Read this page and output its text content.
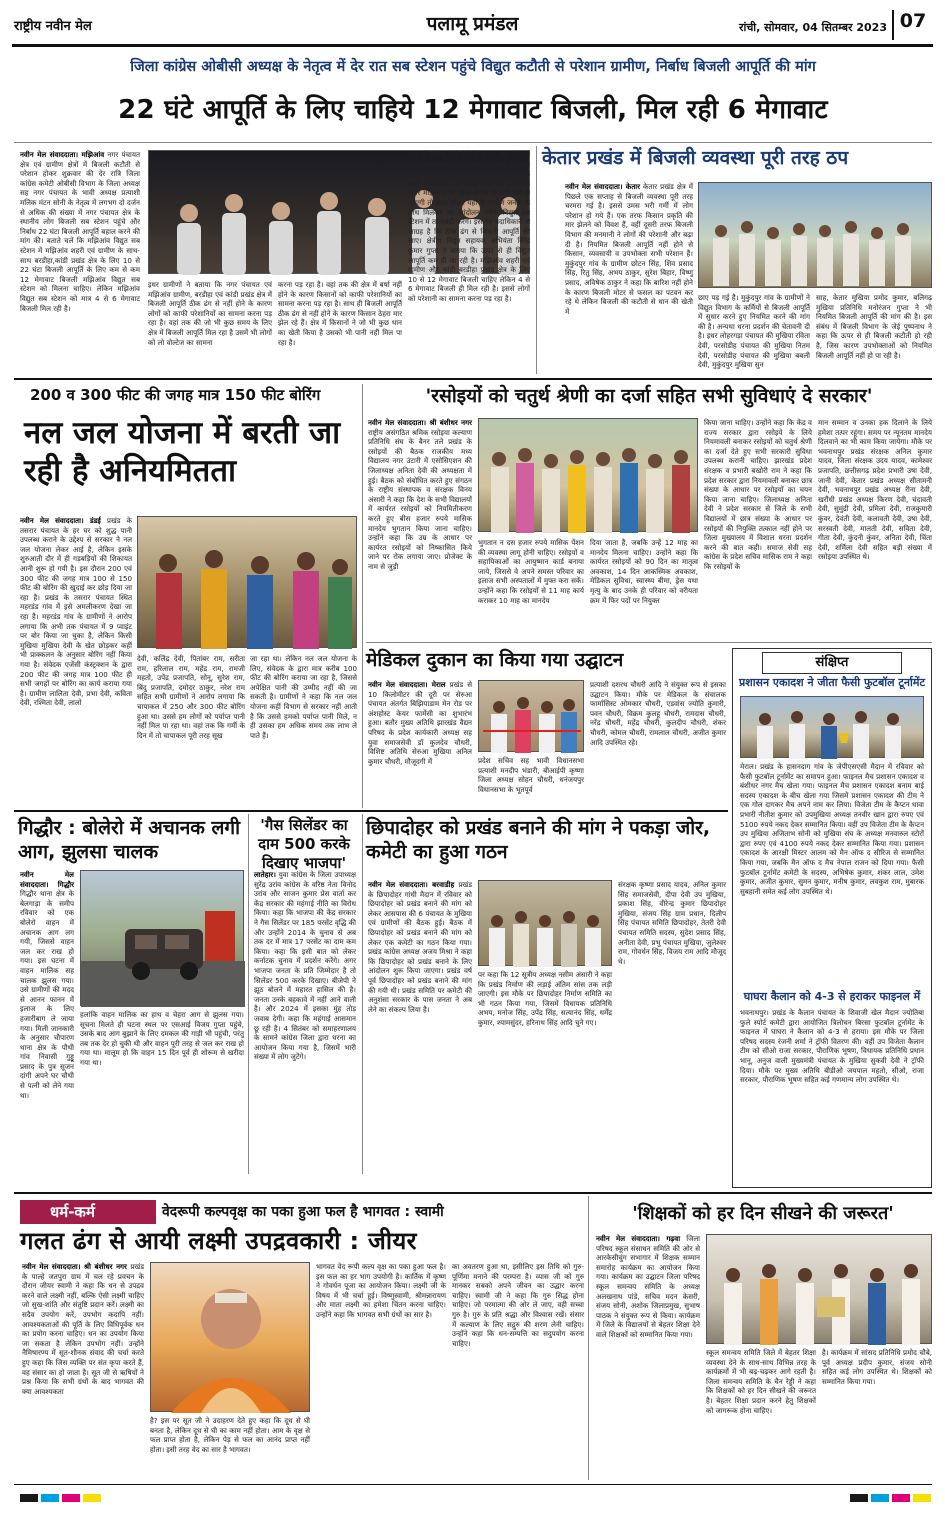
राष्ट्रीय नवीन मेल	पलामू प्रमंडल	रांची, सोमवार, 04 सितम्बर 2023 07
जिला कांग्रेस ओबीसी अध्यक्ष के नेतृत्व में देर रात सब स्टेशन पहुंचे विद्युत कटौती से परेशान ग्रामीण, निर्बाध बिजली आपूर्ति की मांग
22 घंटे आपूर्ति के लिए चाहिये 12 मेगावाट बिजली, मिल रही 6 मेगावाट
नवीन मेल संवाददाता। मझिआंव नगर पंचायत क्षेत्र एवं ग्रामीण क्षेत्रों में बिजली कटौती से परेशान होकर शुक्रवार की देर रात्रि जिला कांग्रेस कमेटी ओबीसी विभाग के जिला अध्यक्ष सह नगर पंचायत के भावी अध्यक्ष प्रत्याशी मलिक मंटन सोनी के नेतृत्व में लगभग दो दर्जन से अधिक की संख्या में नगर पंचायत क्षेत्र के स्थानीय लोग बिजली सब स्टेशन पहुंचे और निर्बाध 22 घंटा बिजली आपूर्ति बहाल करने की मांग की। बताते चलें कि मझिआंव विद्युत सब स्टेशन में मझिआंव शहरी एवं ग्रामीण के साथ-साथ बरडीहा,कांडी प्रखंड क्षेत्र के लिए 10 से 22 घंटा बिजली आपूर्ति के लिए कम से कम 12 मेगावाट बिजली मझिआंव विद्युत सब स्टेशन को मिलना चाहिए। लेकिन मझिआंव विद्युत सब स्टेशन को मात्र 4 से 6 मेगावाट बिजली मिल रही है।
इधर ग्रामीणों ने बताया कि नगर पंचायत एवं मझिआंव ग्रामीण, बरडीहा एवं कांडी प्रखंड क्षेत्र में बिजली आपूर्ति ठीक ढंग से नहीं होने के कारण लोगों को काफी परेशानियों का सामना करना पड़ रहा है। वहां तक की जो भी कुछ समय के लिए क्षेत्र में बिजली आपूर्ति मिल रहा है उसमें भी लोगों को लो वोल्टेज का सामना
करना पड़ रहा है। वहां तक की क्षेत्र में बर्षा नहीं होने के कारण किसानों को काफी परेशानियों का सामना करना पड़ रहा है। साथ ही बिजली आपूर्ति ठीक ढंग से नहीं होने के कारण किसान ठेहरा मार झेल रहे हैं। क्षेत्र में किसानों ने जो भी कुछ धान का खेती किया है उसको भी पानी नहीं मिल पा रहा है।
साथ ही भीषण गर्मी होने के कारण नगर पंचायत क्षेत्र एवं ग्रामीण क्षेत्र के लोगों को गर्मी से जीना मुहाल हो गया है। सोनी ने बिजली विभाग के सभी पदाधिकारी से आग्रह करते हुए कहा कि अगर मझिआंव को ठीक ढंग से बिजली नहीं दी जाएगी तो बाध्य होकर यहां के ग्रामीण जनता के साथ मिलकर उग्र आंदोलन करेंगे। विद्युत सब स्टेशन में तालाबंदी करेंगे। इसलिए पदाधिकारी से आग्रह है कि ठीक ढंग से बिजली आपूर्ति की जाए। क्षेत्रीय विद्युत सहायक अभियंता बिरेंद्र कुमार गुप्ता ने बताया कि ऊपर से ही विद्युत आपूर्ति कम दी जा रही है। मझिआंव शहरी एवं ग्रामीण और कांडी बरडीहा प्रखंड क्षेत्र के लिए 10 से 12 मेगावाट बिजली चाहिए लेकिन 4 से 6 मेगावाट बिजली ही मिल रही है। इससे लोगों को परेशानी का सामना करना पड़ रहा है।
केतार प्रखंड में बिजली व्यवस्था पूरी तरह ठप
नवीन मेल संवाददाता। केतार केतार प्रखंड क्षेत्र में पिछले एक सप्ताह से बिजली व्यवस्था पूरी तरह चरमरा गई है। इससे उमस भरी गर्मी में लोग परेशान हो गये हैं। एक तरफ किसान प्रकृति की मार झेलने को विवश हैं, वहीं दूसरी तरफ बिजली विभाग की मनमानी ने लोगों की परेशानी और बढ़ा दी है। नियमित बिजली आपूर्ति नहीं होने से किसान, व्यवसायी व उपभोक्ता सभी परेशान हैं। मुकुंदपुर गांव के ग्रामीण छोटन सिंह, शिव प्रसाद सिंह, रितु सिंह, अभय ठाकुर, सुरेश बिहार, विष्णु प्रसाद, अविषेक ठाकुर ने कहा कि बारिश नहीं होने के कारण बिजली मोटर से फसल का पटवन कर रहे थे लेकिन बिजली की कटौती से धान की खेती में
छाए पड़ गई है। मुकुंदपुर गांव के ग्रामीणों ने विद्युत विभाग के कर्मियों से बिजली आपूर्ति में सुधार करने हुए नियमित करने की मांग की है। अन्यथा धरना प्रदर्शन की चेतावनी दी है। इधर लोहरगड़ा पंचायत की मुखिया रविता देवी, परसोडीह पंचायत की मुखिया नितम देवी, परसोडीह पंचायत की मुखिया बबली देवी, मुकुंदपुर मुखिया सुन
साह, केतार मुखिया प्रमोद कुमार, बलिगढ़ मुखिया प्रतिनिधि मनोरंजन गुप्ता ने भी नियमित बिजली आपूर्ति की मांग की है। इस संबंध में बिजली विभाग के जेई पुष्पनाथ ने कहा कि ऊपर से ही बिजली कटौती हो रही है, जिस कारण उपभोक्ताओं को नियमित बिजली आपूर्ति नहीं हो पा रही है।
200 व 300 फीट की जगह मात्र 150 फीट बोरिंग
नल जल योजना में बरती जा रही है अनियमितता
नवीन मेल संवाददाता। डंडई प्रखंड के तसरार पंचायत के हर घर को शुद्ध पानी उपलब्ध कराने के उद्देश्य से सरकार ने नल जल योजना लेकर आई है, लेकिन इसके शुरुआती दौर में ही गड़बड़ियों की शिकायत आनी शुरू हो गयी है। इस दौरान 200 एवं 300 फीट की जगह मात्र 100 से 150 फीट की बोरिंग की खुदाई कर छोड़ दिया जा रहा है। प्रखंड के तसरार पंचायत स्थित महरडंड गांव में इसे अमलीकरण देखा जा रहा है। महरडंड गांव के ग्रामीणों ने आरोप लगाया कि अभी तक पंचायत में 9 प्वाइंट पर बोर किया जा चुका है, लेकिन किसी मुखिया मुखिया देवी के खेत छोड़कर कहीं भी प्राक्कलन के अनुसार बोरिंग नहीं किया गया है। संवेदक एजेंसी कंस्ट्रक्शन के द्वारा 200 फीट की जगह मात्र 100 फीट ही सभी जगहों पर बोरिंग का कार्य कराया गया है। ग्रामीण लालिता देवी, प्रभा देवी, कविता देवी, रश्मिता देवी, लालो
देवी, कलिंद्र देवी, पितांबर राम, सरीता राम, हरिलाल राम, महेंद्र राम, रामजी महतो, उपेंद्र प्रजापति, सोनू, सुरेश राम, बिंदु प्रजापति, दमोदर ठाकुर, नरेश राम सहित सभी ग्रामीणों ने आरोप लगाया कि चापाकल में 250 और 300 फीट बोरिंग हुआ था। उससे हम लोगों को पर्याप्त पानी नहीं मिल पा रहा था। वहां तक कि गर्मी के दिन में तो चापाकल पूरी तरह सूख
जा रहा था। लेकिन नल जल योजना के लिए, संवेदक के द्वारा मात्र करीब 100 फीट की बोरिंग कराया जा रहा है, जिससे अपेक्षित पानी की उम्मीद नहीं की जा सकती है। ग्रामीणों ने कहा कि नल जल योजना कहीं विभाग से सरकार नहीं आती है कि उससे हमको पर्याप्त पानी मिले, न ही उसका हम अधिक समय तक लाभ ले पाते हैं।
'रसोइयों को चतुर्थ श्रेणी का दर्जा सहित सभी सुविधाएं दे सरकार'
नवीन मेल संवाददाता। श्री बंशीधर नगर राष्ट्रीय असंगठित श्रमिक रसोइया कल्याण प्रतिनिधि संघ के बैनर तले प्रखंड के रसोइयों की बैठक राजकीय मध्य विद्यालय नगर उंटारी में एसोसिएशन की जिलाध्यक्ष अनिता देवी की अध्यक्षता में हुई। बैठक को संबोधित करते हुए संगठन के राष्ट्रीय संस्थापक व संरक्षक विनय अंसारी ने कहा कि देश के सभी विद्यालयों में कार्यरत रसोइयों को नियमितीकरण करते हुए बीस हजार रुपये मासिक मानदेय भुगतान किया जाना चाहिए। उन्होंने कहा कि उम्र के आधार पर कार्यरत रसोइयों को निष्कासित किये जाने पर रोक लगाया जाए। प्रोजेक्ट के नाम से जुड़ी
भुगतान न दस हजार रुपये मासिक पेंशन की व्यवस्था लागू होनी चाहिए। रसोइयों व सहायिकाओं का आयुष्मान कार्ड बनाया जाये, जिससे वे अपने समस्त परिवार का इलाज सभी अस्पतालों में मुफ्त करा सकें। उन्होंने कहा कि रसोइयों से 11 माह कार्य कराकर 10 माह का मानदेय
दिया जाता है, जबकि उन्हें 12 माह का मानदेय मिलना चाहिए। उन्होंने कहा कि कार्यरत रसोइयों को 90 दिन का मातृत्व अवकाश, 14 दिन आकस्मिक अवकाश, मेडिकल सुविधा, स्वास्थ्य बीमा, ड्रेस यथा मृत्यु के बाद उनके ही परिवार को वरीयता क्रम में फिर पदों पर नियुक्त
किया जाना चाहिए। उन्होंने कहा कि केंद्र व राज्य सरकार द्वारा रसोइये के लिये नियमावली बनाकर रसोइयों को चतुर्थ श्रेणी का दर्जा देते हुए सभी सरकारी सुविधा उपलब्ध करानी चाहिए। झारखंड प्रदेश संरक्षक व प्रभारी बखोरी राम ने कहा कि प्रदेश सरकार द्वारा नियमावली बनाकर छात्र संख्या के आधार पर रसोइयों का चयन किया जाना चाहिए। जिलाध्यक्ष अनिता देवी ने प्रदेश सरकार से जिले के सभी विद्यालयों में छात्र संख्या के आधार पर रसोइयों की नियुक्ति तत्काल नहीं होने पर जिला मुख्यालय में विशाल धरना प्रदर्शन करने की बात कही। समाज सेवी सह कांग्रेस के प्रदेश सचिव मासिक राम ने कहा कि रसोइयों के
मान सम्मान व उनका हक दिलाने के लिये हमेशा तत्पर रहूंगा। समय पर न्यूनतम मानदेय दिलवाने का भी काम किया जायेगा। मौके पर भवनाथपुर प्रखंड संरक्षक अनिल कुमार यादव, जिला संरक्षक उदय यादव, कामेश्वर प्रजापति, छत्तीसगढ़ प्रदेश प्रभारी उषा देवी, जानी देवी, केतार प्रखंड अध्यक्ष सीतामनी देवी, भवनाथपुर प्रखंड अध्यक्ष रीना देवी, खरौंधी प्रखंड अध्यक्ष किरण देवी, चंदावती देवी, सुमुंद्री देवी, प्रमिला देवी, राजकुमारी कुंवर, देवंती देवी, कलावती देवी, उषा देवी, सरस्वती देवी, मालती देवी, सविता देवी, गीता देवी, कुंदनी कुंवर, अनिता देवी, चिंता देवी, शर्मिला देवी सहित बड़ी संख्या में रसोइया उपस्थित थे।
मेडिकल दुकान का किया गया उद्घाटन
नवीन मेल संवाददाता। मेराल प्रखंड से 10 किलोमीटर की दूरी पर सेरुआ पंचायत अंतर्गत बिझियाडाम मेन रोड पर अंशहोस्ट केयर फार्मेसी का शुभारंभ हुआ। बतौर मुख्य अतिथि झारखंड वैद्यन परिषद के प्रदेश कार्यकारी अध्यक्ष सह युवा समाजसेवी डॉ कुलदेव चौधरी, विशिष्ट अतिथि सेरुआ मुखिया अनिल कुमार चौधरी, मौजूदगी में	प्रदेश सचिव सह भावी विधानसभा प्रत्याशी मनदीप भंडारी, बीआईपी कृष्णा जिला अध्यक्ष सोहन चौधरी, धनंजयपुर विधानसभा के भूतपूर्व
प्रत्याशी दशरथ चौधरी आदि ने संयुक्त रूप से इसका उद्घाटन किया। मौके पर मेडिकल के संचालक फार्मासिस्ट ओमकार चौधरी, एडवांस ज्योति कुमारी, पवन चौधरी, विक्रम कुलहू चौधरी, रामदास चौधरी, नरेंद्र चौधरी, महेंद्र चौधरी, कुलदीप चौधरी, शंकर चौधरी, कोमल चौधरी, रामलाल चौधरी, अजीत कुमार आदि उपस्थित रहे।
संक्षिप्त
प्रशासन एकादश ने जीता फैसी फुटबॉल टूर्नामेंट
मेराल। प्रखंड के हासनदाग गांव के जेपीएसएसी मैदान में रविवार को फैसी फुटबॉल टूर्नामेंट का समापन हुआ। फाइनल मैच प्रशासन एकादश व बंशीधर नगर मैच खेला गया। फाइनल मैच प्रशासन एकादश बनाम बाई सदस्य एकादश के बीच खेला गया जिसमें प्रशासन एकादश की टीम ने एक गोल दागकर मैच अपने नाम कर लिया। विजेता टीम के कैप्टन धावा प्रभारी नीतीश कुमार को उपमुखिया अध्यक्ष तनवीर खान द्वारा रुपए एवं 5100 रुपये नकद देकर सम्मानित किया। वहीं उप विजेता टीम के कैप्टन उप मुखिया अजिताभ सोनी को मुखिया संघ के अध्यक्ष मनवारुल स्टोरों द्वारा रुपए एवं 4100 रुपये नकद देकर सम्मानित किया गया। प्रशासन एकादश के आरक्षी मिस्टर आलम को मैन ऑफ द सीरिज से सम्मानित किया गया, जबकि मैन ऑफ द मैच नेपाल राजन को दिया गया। फैसी फुटबॉल टूर्नामेंट कमेटी के सदस्य, अभिषेक कुमार, शंकर लाल, उमेश कुमार, अजीत कुमार, सुमन कुमार, मनीष कुमार, लवकुश राम, मुबारक सुबहानी समेत कई लोग उपस्थित थे।
घाघरा कैलान को 4-3 से हराकर फाइनल में
भवनाथपुर। प्रखंड के कैलान पंचायत के शिवाजी खेल मैदान ज्योतिबा फुले स्पोर्ट कमेटी द्वारा आयोजित त्रिलोचन बिरसा फुटबॉल टूर्नामेंट के फाइनल में घाघरा ने कैलान को 4-3 से हराया। इस मौके पर जिला परिषद सदस्य रंजनी शर्मा ने ट्रॉफी वितरण की। वहीं उप विजेता कैलान टीम को सीओ राजा सरकार, पौराणिक भूषण, विधायक प्रतिनिधि प्रधान भानू, अनुज वाली मुख्यमंत्री पंचायत के मुखिया सुकवी देवी ने ट्रॉफी दिया। मौके पर मुख्य अतिथि बीडीओ जयपाल महतो, सीओ, राजा सरकार, पौराणिक भूषण सहित कई गणमान्य लोग उपस्थित थे।
गिद्धौर : बोलेरो में अचानक लगी आग, झुलसा चालक
नवीन मेल संवाददाता। गिद्धौर गिद्धौर थाना क्षेत्र के बेलगाड़ा के समीप रविवार को एक बोलेरो वाहन में अचानक आग लग गयी, जिससे वाहन जल कर राख हो गया। इस घटना में वाहन मालिक सह चालक झुलस गया। उसे ग्रामीणों की मदद से आनन फानन में इलाज के लिए हजारीबाग ले जाया गया। मिली जानकारी के अनुसार चौपारण थाना क्षेत्र के पौथी गांव निवासी गुड्डू प्रसाद के पुत्र सूजन दांगी अपने घर चौथी से पत्नी को लेने गया था।
हलांकि वाहन मालिक का हाथ व चेहरा आग से झुलस गया। सूचना मिलते ही घटना स्थल पर एसआई विजय गुप्ता पहुंचे, उसके बाद आग बुझाने के लिए दमकल की गाड़ी भी पहुंची, परंतु तब तक देर हो चुकी थी और वाहन पूरी तरह से जल कर राख हो गया था। मालूम हो कि वाहन 15 दिन पूर्व ही शोरूम से खरीदा गया था।
'गैस सिलेंडर का दाम 500 करके दिखाए भाजपा'
लातेहार। युवा कांग्रेस के जिला उपाध्यक्ष सुरेंद्र उरांव कांग्रेस के वरिष्ठ नेता विनोद उरांव और साजन कुमार प्रेस वार्ता कर केंद्र सरकार की महंगाई नीति का विरोध किया। कहा कि भाजपा की केंद्र सरकार ने गैस सिलेंडर पर 185 परसेंट वृद्धि की और उन्होंने 2014 के चुनाव से अब तक दर में मात्र 17 परसेंट का दाम कम किया। कहा कि इसी बात को लेकर कर्नाटक चुनाव में प्रदर्शन करेंगे। अगर भाजपा जनता के प्रति जिम्मेदार है तो सिलेंडर 500 करके दिखाए। बीजेपी ने झूठ बोलने में महारत हासिल की है। जनता उनके बहकावे में नहीं आने वाली है। और 2024 में इसका मुंह तोड़ जवाब देगी। कहा कि महंगाई आसमान छू रही है। 4 सितंबर को समाहरणालय के सामने कांग्रेस जिला द्वारा धरना का आयोजन किया गया है, जिसमें भारी संख्या में लोग जुटेंगे।
छिपादोहर को प्रखंड बनाने की मांग ने पकड़ा जोर, कमेटी का हुआ गठन
नवीन मेल संवाददाता। बरवाडीह प्रखंड के छिपादोहर गांधी मैदान में रविवार को छिपादोहर को प्रखंड बनाने की मांग को लेकर आसपास की 6 पंचायत के मुखिया एवं ग्रामीणों की बैठक हुई। बैठक में छिपादोहर को प्रखंड बनाने की मांग को लेकर एक कमेटी का गठन किया गया। प्रखंड कांग्रेस अध्यक्ष अजय मिश्रा ने कहा कि छिपादोहर को प्रखंड बनाने के लिए आंदोलन शुरू किया जाएगा। प्रखंड वर्ष पूर्व छिपादोहर को प्रखंड बनाने की मांग की गयी थी। प्रखंड समिति पर कमेटी की अनुशंसा सरकार के पास जनता ने अब लेने का संकल्प लिया है।
पर कहा कि 12 सूत्रीय अध्यक्ष नसीम अंसारी ने कहा कि प्रखंड निर्माण की लड़ाई अंतिम सांस तक लड़ी जाएगी। इस मौके पर छिपादोहर निर्माण समिति का भी गठन किया गया, जिसमें विधायक प्रतिनिधि अभय, मनोज सिंह, उपेंद्र सिंह, सत्यानंद सिंह, धर्मेंद्र कुमार, श्यामसुंदर, हरिनाथ सिंह आदि चुने गए।
संरक्षक कृष्णा प्रसाद यादव, अनिल कुमार सिंह समाजसेवी, दीपा देवी उप मुखिया, प्रकाश सिंह, वीरेन्द्र कुमार छिपादोहर मुखिया, संजय सिंह ग्राम प्रधान, दिलीप सिंह पंचायत समिति छिपादोहर, तेतरी देवी पंचायत समिति सदस्य, सुदेश प्रसाद सिंह, अनीता देवी, प्रभु पंचायत मुखिया, जुलेश्वर राम, गोवर्धन सिंह, विजय राम आदि मौजूद थे।
धर्म-कर्म	वेदरूपी कल्पवृक्ष का पका हुआ फल है भागवत : स्वामी
गलत ढंग से आयी लक्ष्मी उपद्रवकारी : जीयर
नवीन मेल संवाददाता। श्री बंशीधर नगर प्रखंड के पाल्हे जतपुरा ग्राम में चल रहे प्रवचन के दौरान जीयर स्वामी ने कहा कि धन से उपद्रव करने वाले लक्ष्मी नहीं, बल्कि ऐसी लक्ष्मी चाहिए जो सुख-शांति और संतुष्टि प्रदान करें। लक्ष्मी का सदैव उपयोग करें, उपभोग कदापि नहीं। आवश्यकताओं की पूर्ति के लिए विधिपूर्वक धन का प्रयोग करना चाहिए। धन का उपयोग किया जा सकता है लेकिन उपभोग नहीं। उन्होंने नैमिषारण्य में सूत-शौनक संवाद की चर्चा करते हुए कहा कि जिस व्यक्ति पर संत कृपा करते हैं, वह संसार का हो जाता है। सूत जी से ऋषियों ने प्रश्न किया कि सभी ग्रंथों के बाद भागवत की क्या आवश्यकता
है? इस पर सूत जी ने उदाहरण देते हुए कहा कि दूध से घी बनता है, लेकिन दूध से घी का काम नहीं होता। आम के वृक्ष से फल प्राप्त होता है, लेकिन पेड़ से फल का आनंद प्राप्त नहीं होता। इसी तरह वेद का सार है भागवत।
भागवत वेद रूपी कल्प वृक्ष का पका हुआ फल है। इस फल का हर भाग उपयोगी है। कार्तिक में कृष्ण ने गोवर्धन पूजा का आयोजन किया। लक्ष्मी जी के विषय में भी चर्चा हुई। विष्णुस्वामी, श्रीमन्नारायण और माता लक्ष्मी का हमेशा चिंतन करना चाहिए। उन्होंने कहा कि भागवत सभी ग्रंथों का सार है।
का अवतरण हुआ था, इसीलिए इस तिथि को गुरु-पूर्णिमा मनाने की परम्परा है। व्यास जी को गुरु मानकर सबको अपने जीवन का उद्धार करना चाहिए। स्वामी जी ने कहा कि गुरु सिद्ध होना चाहिए। जो परमात्मा की ओर ले जाए, वही सच्चा गुरु है। गुरु के प्रति श्रद्धा और विश्वास रखें। संसार में कल्याण के लिए सद्गुरु की शरण लेनी चाहिए। उन्होंने कहा कि धन-सम्पत्ति का सदुपयोग करना चाहिए।
'शिक्षकों को हर दिन सीखने की जरूरत'
नवीन मेल संवाददाता। गढ़वा जिला परिषद स्कूल संसाधन समिति की ओर से आरकेसीचुंग सभागार में शिक्षक सम्मान समारोह कार्यक्रम का आयोजन किया गया। कार्यक्रम का उद्घाटन जिला परिषद स्कूल समन्वय समिति के अध्यक्ष अलखनाथ पांडे, सचिव मदन केसरी, संजय सोनी, अशोक जिलाप्रमुख, सुभाष पाठक ने संयुक्त रूप से किया। कार्यक्रम में जिले के विद्यालयों से बेहतर शिक्षा देने वाले शिक्षकों को सम्मानित किया गया।
स्कूल समन्वय समिति जिले में बेहतर शिक्षा व्यवस्था देने के साथ-साथ विभिन्न तरह के कार्यक्रमों में भी बढ़-चढ़कर आगे रहती है। जिला समन्वय समिति के चैन रेड्डी ने कहा कि शिक्षकों को हर दिन सीखने की जरूरत है। बेहतर शिक्षा प्रदान करने हेतु शिक्षकों को जागरूक होना चाहिए।
है। कार्यक्रम में सांसद प्रतिनिधि प्रमोद चौबे, पूर्व अध्यक्ष प्रदीप कुमार, संजय सोनी सहित कई लोग उपस्थित थे। शिक्षकों को सम्मानित किया गया।
